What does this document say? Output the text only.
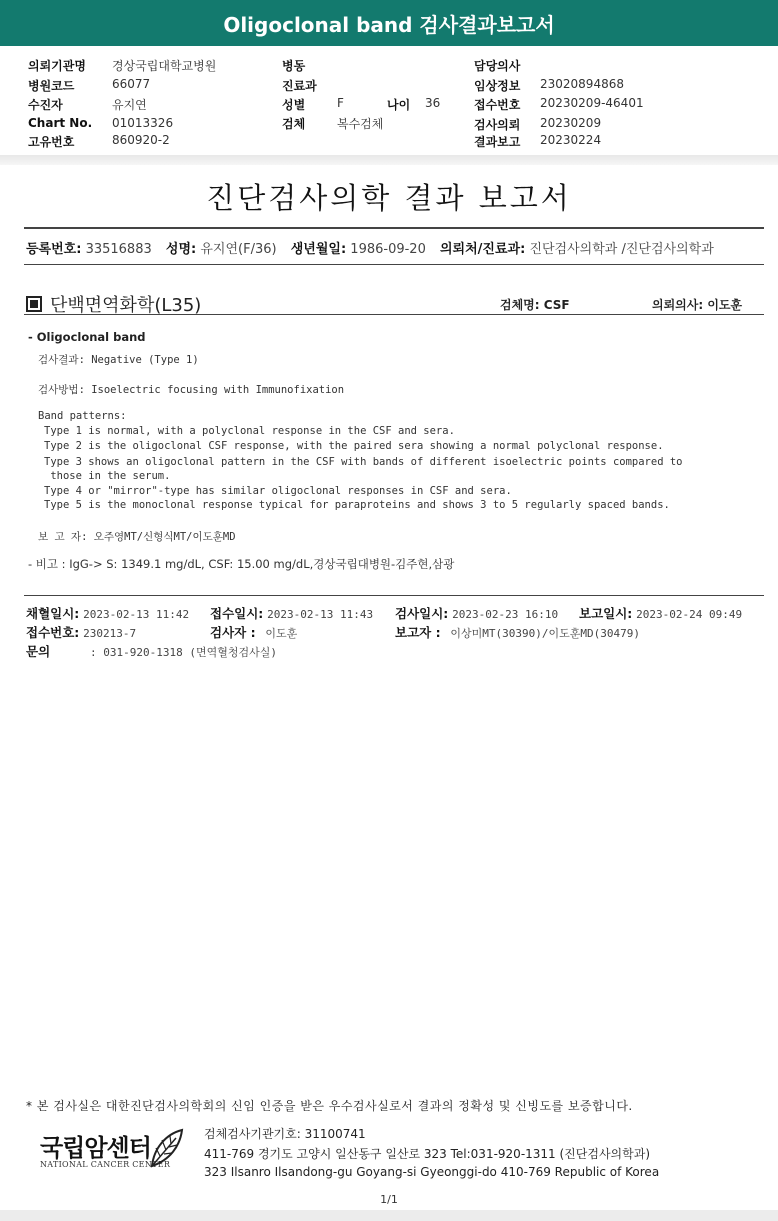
Oligoclonal band 검사결과보고서
의뢰기관명 경상국립대학교병원
병원코드	66077
수진자	유지연
Chart No. 01013326
고유번호	860920-2
병동
진료과
성별	F	나이 36
검체	복수검체
담당의사
임상정보 23020894868
접수번호 20230209-46401
검사의뢰 20230209
결과보고 20230224
진단검사의학 결과 보고서
등록번호: 33516883 성명: 유지연(F/36) 생년월일: 1986-09-20 의뢰처/진료과: 진단검사의학과 /진단검사의학과
단백면역화학(L35)	검체명: CSF	의뢰의사: 이도훈
- Oligoclonal band
검사결과: Negative (Type 1)
검사방법: Isoelectric focusing with Immunofixation
Band patterns:
Type 1 is normal, with a polyclonal response in the CSF and sera.
Type 2 is the oligoclonal CSF response, with the paired sera showing a normal polyclonal response.
Type 3 shows an oligoclonal pattern in the CSF with bands of different isoelectric points compared to
those in the serum.
Type 4 or "mirror"-type has similar oligoclonal responses in CSF and sera.
Type 5 is the monoclonal response typical for paraproteins and shows 3 to 5 regularly spaced bands.
보 고 자: 오주영MT/신형식MT/이도훈MD
- 비고 : IgG-> S: 1349.1 mg/dL, CSF: 15.00 mg/dL,경상국립대병원-김주현,삼광
채혈일시: 2023-02-13 11:42 접수일시: 2023-02-13 11:43 검사일시: 2023-02-23 16:10 보고일시: 2023-02-24 09:49
접수번호: 230213-7	검사자 : 이도훈	보고자 : 이상미MT(30390)/이도훈MD(30479)
문의	: 031-920-1318 (면역혈청검사실)
* 본 검사실은 대한진단검사의학회의 신임 인증을 받은 우수검사실로서 결과의 정확성 및 신빙도를 보증합니다.
국립암센터
NATIONAL CANCER CENTER
검체검사기관기호: 31100741
411-769 경기도 고양시 일산동구 일산로 323 Tel:031-920-1311 (진단검사의학과)
323 Ilsanro Ilsandong-gu Goyang-si Gyeonggi-do 410-769 Republic of Korea
1/1
